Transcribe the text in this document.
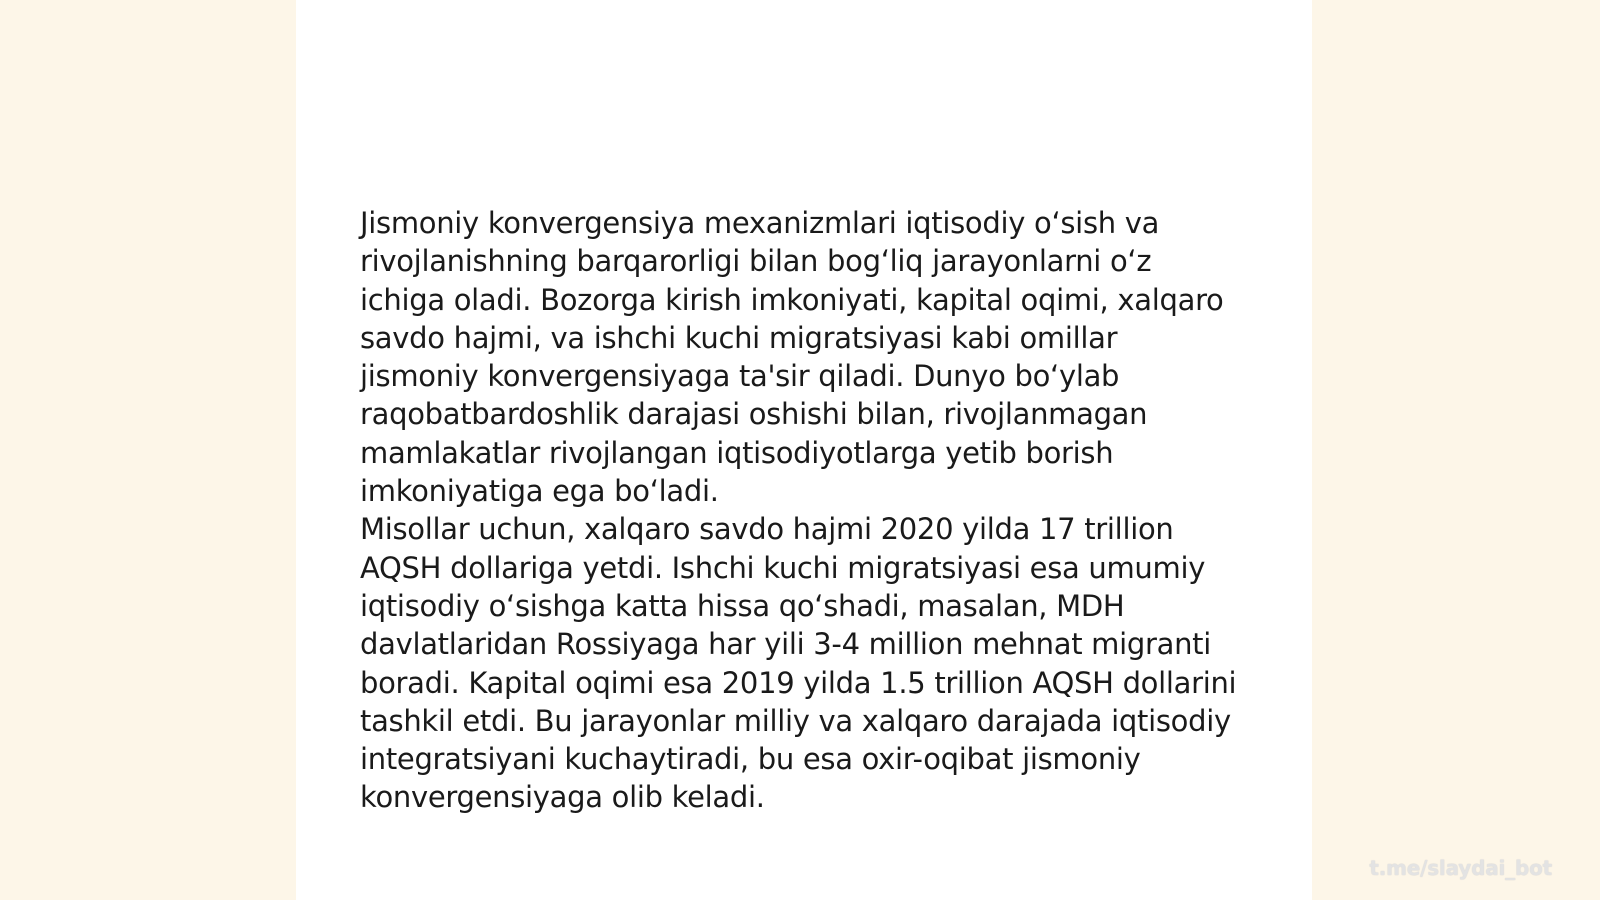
Jismoniy konvergensiya mexanizmlari iqtisodiy o‘sish va rivojlanishning barqarorligi bilan bog‘liq jarayonlarni o‘z ichiga oladi. Bozorga kirish imkoniyati, kapital oqimi, xalqaro savdo hajmi, va ishchi kuchi migratsiyasi kabi omillar jismoniy konvergensiyaga ta'sir qiladi. Dunyo bo‘ylab raqobatbardoshlik darajasi oshishi bilan, rivojlanmagan mamlakatlar rivojlangan iqtisodiyotlarga yetib borish imkoniyatiga ega bo‘ladi.

Misollar uchun, xalqaro savdo hajmi 2020 yilda 17 trillion AQSH dollariga yetdi. Ishchi kuchi migratsiyasi esa umumiy iqtisodiy o‘sishga katta hissa qo‘shadi, masalan, MDH davlatlaridan Rossiyaga har yili 3-4 million mehnat migranti boradi. Kapital oqimi esa 2019 yilda 1.5 trillion AQSH dollarini tashkil etdi. Bu jarayonlar milliy va xalqaro darajada iqtisodiy integratsiyani kuchaytiradi, bu esa oxir-oqibat jismoniy konvergensiyaga olib keladi.

t.me/slaydai_bot
